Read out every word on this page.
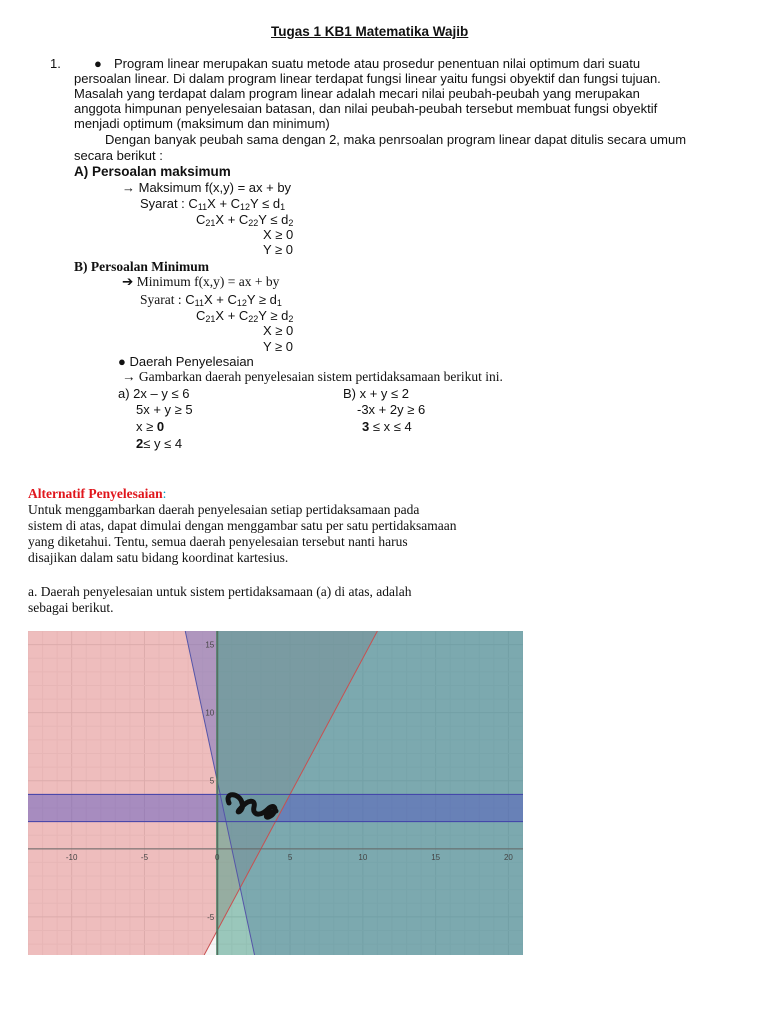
Tugas 1 KB1 Matematika Wajib
1.	● Program linear merupakan suatu metode atau prosedur penentuan nilai optimum dari suatu
persoalan linear. Di dalam program linear terdapat fungsi linear yaitu fungsi obyektif dan fungsi tujuan.
Masalah yang terdapat dalam program linear adalah mecari nilai peubah-peubah yang merupakan
anggota himpunan penyelesaian batasan, dan nilai peubah-peubah tersebut membuat fungsi obyektif
menjadi optimum (maksimum dan minimum)
Dengan banyak peubah sama dengan 2, maka penrsoalan program linear dapat ditulis secara umum
secara berikut :
A) Persoalan maksimum
→ Maksimum f(x,y) = ax + by
Syarat : $C_{11}X + C_{12}Y \le d_1$
$C_{21}X + C_{22}Y \le d_2$
X ≥ 0
Y ≥ 0
B) Persoalan Minimum
➔ Minimum f(x,y) = ax + by
Syarat : $C_{11}X + C_{12}Y \ge d_1$
$C_{21}X + C_{22}Y \ge d_2$
X ≥ 0
Y ≥ 0
● Daerah Penyelesaian
→ Gambarkan daerah penyelesaian sistem pertidaksamaan berikut ini.
a) 2x – y ≤ 6
5x + y ≥ 5
x ≥ 0
2≤ y ≤ 4
B) x + y ≤ 2
-3x + 2y ≥ 6
3 ≤ x ≤ 4
Alternatif Penyelesaian:
Untuk menggambarkan daerah penyelesaian setiap pertidaksamaan pada
sistem di atas, dapat dimulai dengan menggambar satu per satu pertidaksamaan
yang diketahui. Tentu, semua daerah penyelesaian tersebut nanti harus
disajikan dalam satu bidang koordinat kartesius.
a. Daerah penyelesaian untuk sistem pertidaksamaan (a) di atas, adalah
sebagai berikut.
-10	-5	0	5	10	15	20
-5
5
10
15
